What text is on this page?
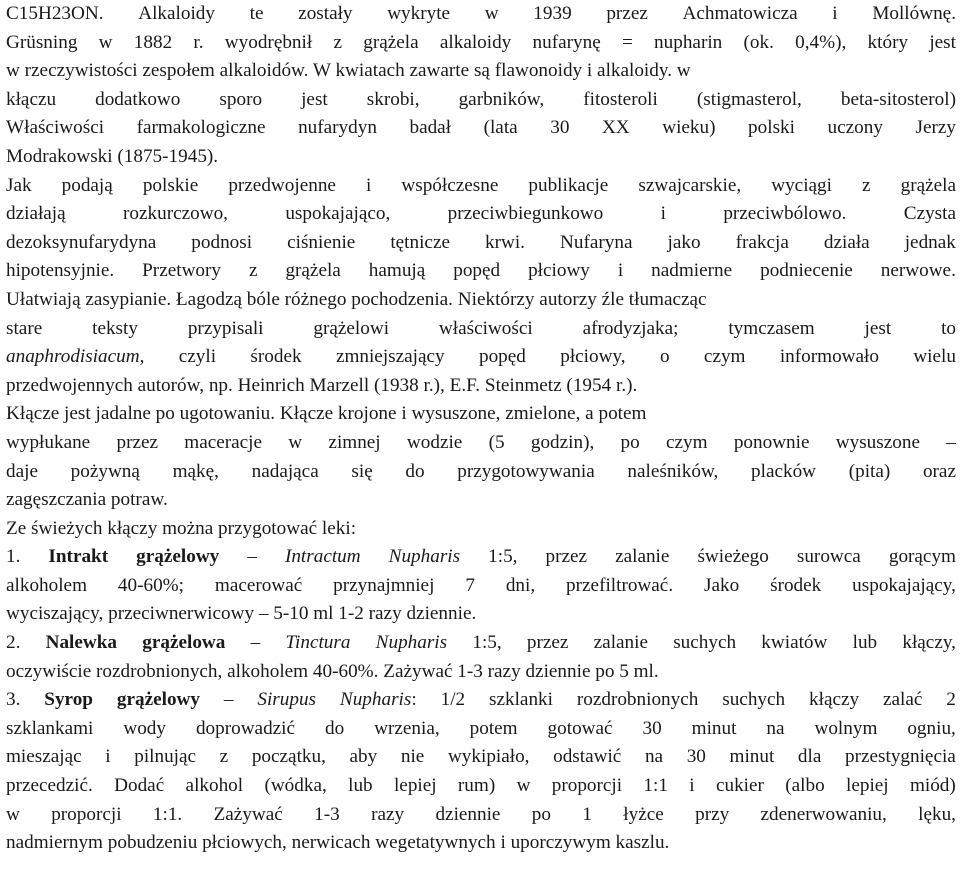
C15H23ON. Alkaloidy te zostały wykryte w 1939 przez Achmatowicza i Mollównę.
Grüsning w 1882 r. wyodrębnił z grążela alkaloidy nufarynę = nupharin (ok. 0,4%), który jest
w rzeczywistości zespołem alkaloidów. W kwiatach zawarte są flawonoidy i alkaloidy. w
kłączu dodatkowo sporo jest skrobi, garbników, fitosteroli (stigmasterol, beta-sitosterol)
Właściwości farmakologiczne nufarydyn badał (lata 30 XX wieku) polski uczony Jerzy
Modrakowski (1875-1945).
Jak podają polskie przedwojenne i współczesne publikacje szwajcarskie, wyciągi z grążela
działają	rozkurczowo,	uspokajająco,	przeciwbiegunkowo	i	przeciwbólowo.	Czysta
dezoksynufarydyna podnosi ciśnienie tętnicze krwi. Nufaryna jako frakcja działa jednak
hipotensyjnie. Przetwory z grążela hamują popęd płciowy i nadmierne podniecenie nerwowe.
Ułatwiają zasypianie. Łagodzą bóle różnego pochodzenia. Niektórzy autorzy źle tłumacząc
stare	teksty	przypisali	grążelowi	właściwości	afrodyzjaka;	tymczasem	jest	to
anaphrodisiacum, czyli środek zmniejszający popęd płciowy, o czym informowało wielu
przedwojennych autorów, np. Heinrich Marzell (1938 r.), E.F. Steinmetz (1954 r.).
Kłącze jest jadalne po ugotowaniu. Kłącze krojone i wysuszone, zmielone, a potem
wypłukane przez maceracje w zimnej wodzie (5 godzin), po czym ponownie wysuszone –
daje pożywną mąkę, nadająca się do przygotowywania naleśników, placków (pita) oraz
zagęszczania potraw.
Ze świeżych kłączy można przygotować leki:
1. Intrakt grążelowy – Intractum Nupharis 1:5, przez zalanie świeżego surowca gorącym
alkoholem 40-60%; macerować przynajmniej 7 dni, przefiltrować. Jako środek uspokajający,
wyciszający, przeciwnerwicowy – 5-10 ml 1-2 razy dziennie.
2. Nalewka grążelowa – Tinctura Nupharis 1:5, przez zalanie suchych kwiatów lub kłączy,
oczywiście rozdrobnionych, alkoholem 40-60%. Zażywać 1-3 razy dziennie po 5 ml.
3. Syrop grążelowy – Sirupus Nupharis: 1/2 szklanki rozdrobnionych suchych kłączy zalać 2
szklankami wody doprowadzić do wrzenia, potem gotować 30 minut na wolnym ogniu,
mieszając i pilnując z początku, aby nie wykipiało, odstawić na 30 minut dla przestygnięcia
przecedzić. Dodać alkohol (wódka, lub lepiej rum) w proporcji 1:1 i cukier (albo lepiej miód)
w proporcji 1:1. Zażywać 1-3 razy dziennie po 1 łyżce przy zdenerwowaniu, lęku,
nadmiernym pobudzeniu płciowych, nerwicach wegetatywnych i uporczywym kaszlu.
